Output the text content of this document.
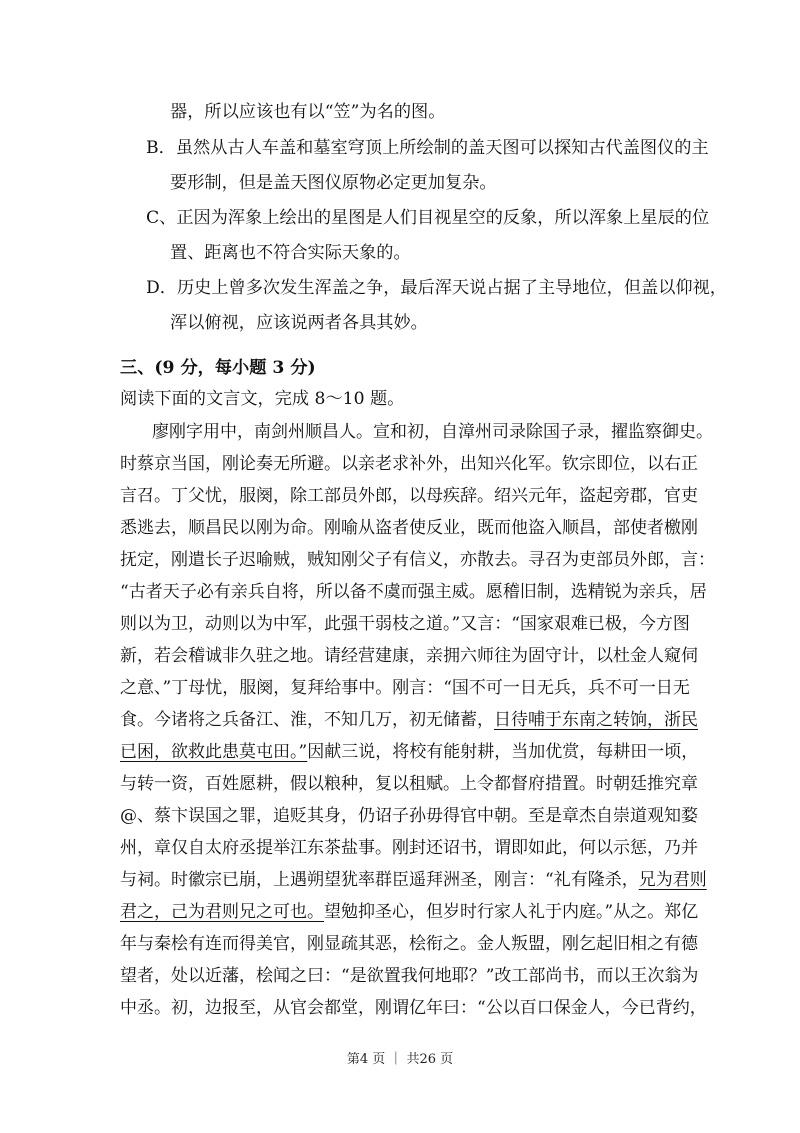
器，所以应该也有以“笠”为名的图。

B．虽然从古人车盖和墓室穹顶上所绘制的盖天图可以探知古代盖图仪的主

要形制，但是盖天图仪原物必定更加复杂。

C、正因为浑象上绘出的星图是人们目视星空的反象，所以浑象上星辰的位

置、距离也不符合实际天象的。

D．历史上曾多次发生浑盖之争，最后浑天说占据了主导地位，但盖以仰视，

浑以俯视，应该说两者各具其妙。

三、(9 分，每小题 3 分)

阅读下面的文言文，完成 8～10 题。

廖刚字用中，南剑州顺昌人。宣和初，自漳州司录除国子录，擢监察御史。

时蔡京当国，刚论奏无所避。以亲老求补外，出知兴化军。钦宗即位，以右正

言召。丁父忧，服阕，除工部员外郎，以母疾辞。绍兴元年，盗起旁郡，官吏

悉逃去，顺昌民以刚为命。刚喻从盗者使反业，既而他盗入顺昌，部使者檄刚

抚定，刚遣长子迟喻贼，贼知刚父子有信义，亦散去。寻召为吏部员外郎，言：

“古者天子必有亲兵自将，所以备不虞而强主威。愿稽旧制，选精锐为亲兵，居

则以为卫，动则以为中军，此强干弱枝之道。”又言：“国家艰难已极，今方图

新，若会稽诚非久驻之地。请经营建康，亲拥六师往为固守计，以杜金人窥伺

之意、”丁母忧，服阕，复拜给事中。刚言：“国不可一日无兵，兵不可一日无

食。今诸将之兵备江、淮，不知几万，初无储蓄，日待哺于东南之转饷，浙民

已困，欲救此患莫屯田。”因献三说，将校有能射耕，当加优赏，每耕田一顷，

与转一资，百姓愿耕，假以粮种，复以租赋。上令都督府措置。时朝廷推究章

@、蔡卞误国之罪，追贬其身，仍诏子孙毋得官中朝。至是章杰自崇道观知婺

州，章仅自太府丞提举江东茶盐事。刚封还诏书，谓即如此，何以示惩，乃并

与祠。时徽宗已崩，上遇朔望犹率群臣遥拜洲圣，刚言：“礼有隆杀，兄为君则

君之，己为君则兄之可也。望勉抑圣心，但岁时行家人礼于内庭。”从之。郑亿

年与秦桧有连而得美官，刚显疏其恶，桧衔之。金人叛盟，刚乞起旧相之有德

望者，处以近藩，桧闻之曰：“是欲置我何地耶？”改工部尚书，而以王次翁为

中丞。初，边报至，从官会都堂，刚谓亿年曰：“公以百口保金人，今已背约，

第4 页 ｜ 共26 页
